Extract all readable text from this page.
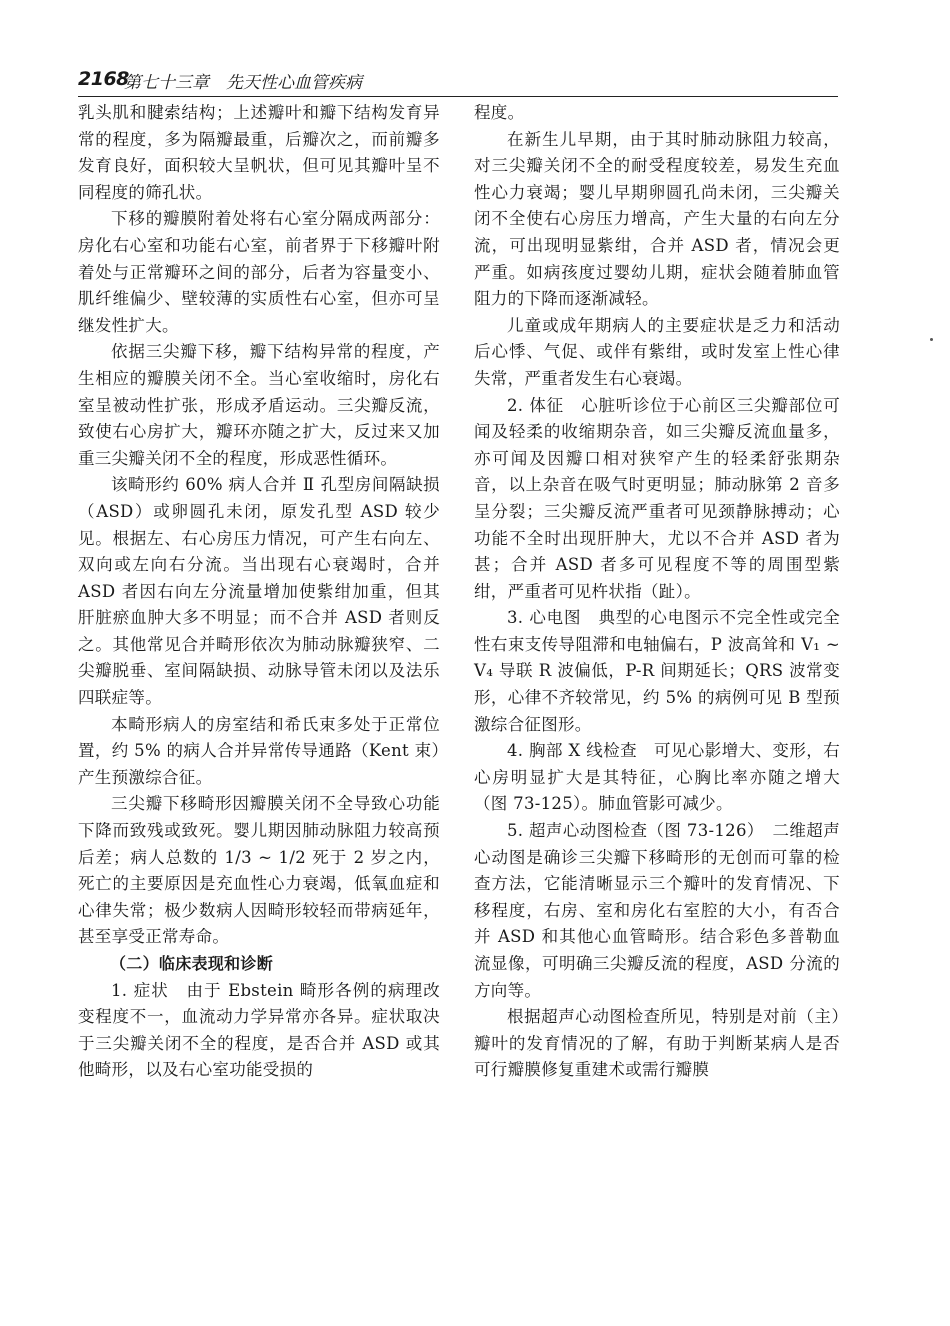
2168
第七十三章　先天性心血管疾病

乳头肌和腱索结构；上述瓣叶和瓣下结构发育异常的程度，多为隔瓣最重，后瓣次之，而前瓣多发育良好，面积较大呈帆状，但可见其瓣叶呈不同程度的筛孔状。

下移的瓣膜附着处将右心室分隔成两部分：房化右心室和功能右心室，前者界于下移瓣叶附着处与正常瓣环之间的部分，后者为容量变小、肌纤维偏少、壁较薄的实质性右心室，但亦可呈继发性扩大。

依据三尖瓣下移，瓣下结构异常的程度，产生相应的瓣膜关闭不全。当心室收缩时，房化右室呈被动性扩张，形成矛盾运动。三尖瓣反流，致使右心房扩大，瓣环亦随之扩大，反过来又加重三尖瓣关闭不全的程度，形成恶性循环。

该畸形约 60% 病人合并 Ⅱ 孔型房间隔缺损（ASD）或卵圆孔未闭，原发孔型 ASD 较少见。根据左、右心房压力情况，可产生右向左、双向或左向右分流。当出现右心衰竭时，合并 ASD 者因右向左分流量增加使紫绀加重，但其肝脏瘀血肿大多不明显；而不合并 ASD 者则反之。其他常见合并畸形依次为肺动脉瓣狭窄、二尖瓣脱垂、室间隔缺损、动脉导管未闭以及法乐四联症等。

本畸形病人的房室结和希氏束多处于正常位置，约 5% 的病人合并异常传导通路（Kent 束）产生预激综合征。

三尖瓣下移畸形因瓣膜关闭不全导致心功能下降而致残或致死。婴儿期因肺动脉阻力较高预后差；病人总数的 1/3 ~ 1/2 死于 2 岁之内，死亡的主要原因是充血性心力衰竭，低氧血症和心律失常；极少数病人因畸形较轻而带病延年，甚至享受正常寿命。

（二）临床表现和诊断

1. 症状　由于 Ebstein 畸形各例的病理改变程度不一，血流动力学异常亦各异。症状取决于三尖瓣关闭不全的程度，是否合并 ASD 或其他畸形，以及右心室功能受损的

程度。

在新生儿早期，由于其时肺动脉阻力较高，对三尖瓣关闭不全的耐受程度较差，易发生充血性心力衰竭；婴儿早期卵圆孔尚未闭，三尖瓣关闭不全使右心房压力增高，产生大量的右向左分流，可出现明显紫绀，合并 ASD 者，情况会更严重。如病孩度过婴幼儿期，症状会随着肺血管阻力的下降而逐渐减轻。

儿童或成年期病人的主要症状是乏力和活动后心悸、气促、或伴有紫绀，或时发室上性心律失常，严重者发生右心衰竭。

2. 体征　心脏听诊位于心前区三尖瓣部位可闻及轻柔的收缩期杂音，如三尖瓣反流血量多，亦可闻及因瓣口相对狭窄产生的轻柔舒张期杂音，以上杂音在吸气时更明显；肺动脉第 2 音多呈分裂；三尖瓣反流严重者可见颈静脉搏动；心功能不全时出现肝肿大，尤以不合并 ASD 者为甚；合并 ASD 者多可见程度不等的周围型紫绀，严重者可见杵状指（趾）。

3. 心电图　典型的心电图示不完全性或完全性右束支传导阻滞和电轴偏右，P 波高耸和 V₁ ~ V₄ 导联 R 波偏低，P-R 间期延长；QRS 波常变形，心律不齐较常见，约 5% 的病例可见 B 型预激综合征图形。

4. 胸部 X 线检查　可见心影增大、变形，右心房明显扩大是其特征，心胸比率亦随之增大（图 73-125）。肺血管影可减少。

5. 超声心动图检查（图 73-126）　二维超声心动图是确诊三尖瓣下移畸形的无创而可靠的检查方法，它能清晰显示三个瓣叶的发育情况、下移程度，右房、室和房化右室腔的大小，有否合并 ASD 和其他心血管畸形。结合彩色多普勒血流显像，可明确三尖瓣反流的程度，ASD 分流的方向等。

根据超声心动图检查所见，特别是对前（主）瓣叶的发育情况的了解，有助于判断某病人是否可行瓣膜修复重建术或需行瓣膜
